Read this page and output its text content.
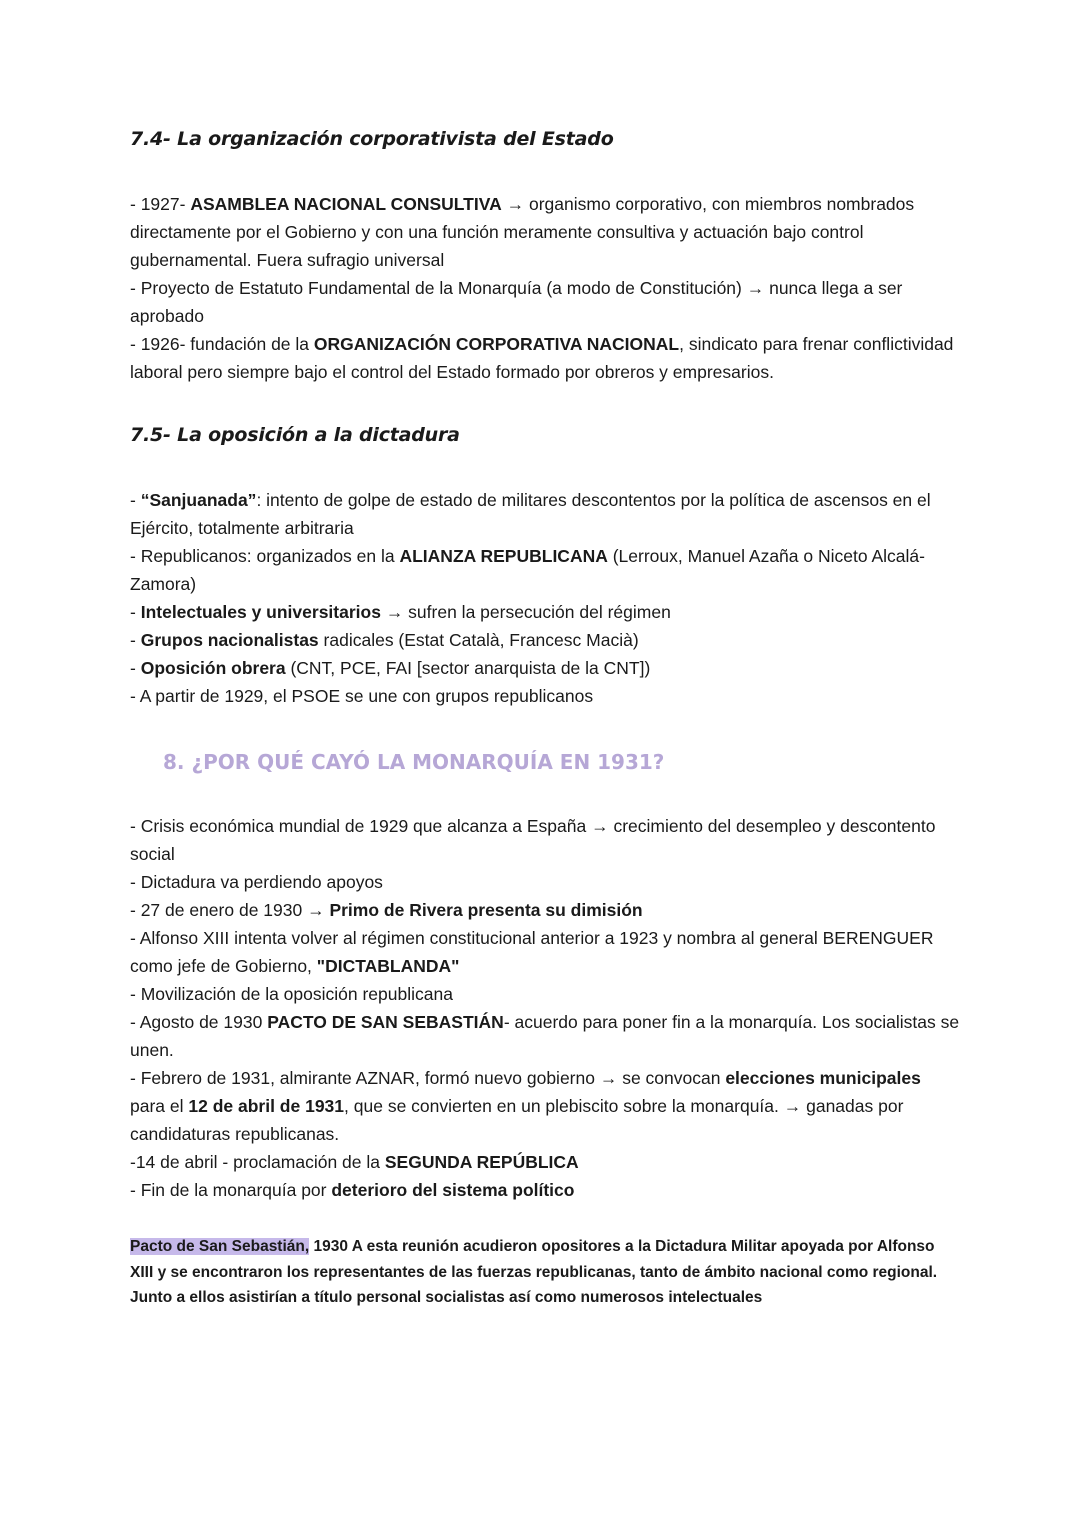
7.4- La organización corporativista del Estado

- 1927- ASAMBLEA NACIONAL CONSULTIVA → organismo corporativo, con miembros nombrados directamente por el Gobierno y con una función meramente consultiva y actuación bajo control gubernamental. Fuera sufragio universal

- Proyecto de Estatuto Fundamental de la Monarquía (a modo de Constitución) → nunca llega a ser aprobado

- 1926- fundación de la ORGANIZACIÓN CORPORATIVA NACIONAL, sindicato para frenar conflictividad laboral pero siempre bajo el control del Estado formado por obreros y empresarios.

7.5- La oposición a la dictadura

- “Sanjuanada”: intento de golpe de estado de militares descontentos por la política de ascensos en el Ejército, totalmente arbitraria

- Republicanos: organizados en la ALIANZA REPUBLICANA (Lerroux, Manuel Azaña o Niceto Alcalá-Zamora)

- Intelectuales y universitarios → sufren la persecución del régimen

- Grupos nacionalistas radicales (Estat Català, Francesc Macià)

- Oposición obrera (CNT, PCE, FAI [sector anarquista de la CNT])

- A partir de 1929, el PSOE se une con grupos republicanos

8. ¿POR QUÉ CAYÓ LA MONARQUÍA EN 1931?

- Crisis económica mundial de 1929 que alcanza a España → crecimiento del desempleo y descontento social

- Dictadura va perdiendo apoyos

- 27 de enero de 1930 → Primo de Rivera presenta su dimisión

- Alfonso XIII intenta volver al régimen constitucional anterior a 1923 y nombra al general BERENGUER como jefe de Gobierno, "DICTABLANDA"

- Movilización de la oposición republicana

- Agosto de 1930 PACTO DE SAN SEBASTIÁN- acuerdo para poner fin a la monarquía. Los socialistas se unen.

- Febrero de 1931, almirante AZNAR, formó nuevo gobierno → se convocan elecciones municipales para el 12 de abril de 1931, que se convierten en un plebiscito sobre la monarquía. → ganadas por candidaturas republicanas.

-14 de abril - proclamación de la SEGUNDA REPÚBLICA

- Fin de la monarquía por deterioro del sistema político

Pacto de San Sebastián, 1930 A esta reunión acudieron opositores a la Dictadura Militar apoyada por Alfonso XIII y se encontraron los representantes de las fuerzas republicanas, tanto de ámbito nacional como regional. Junto a ellos asistirían a título personal socialistas así como numerosos intelectuales
